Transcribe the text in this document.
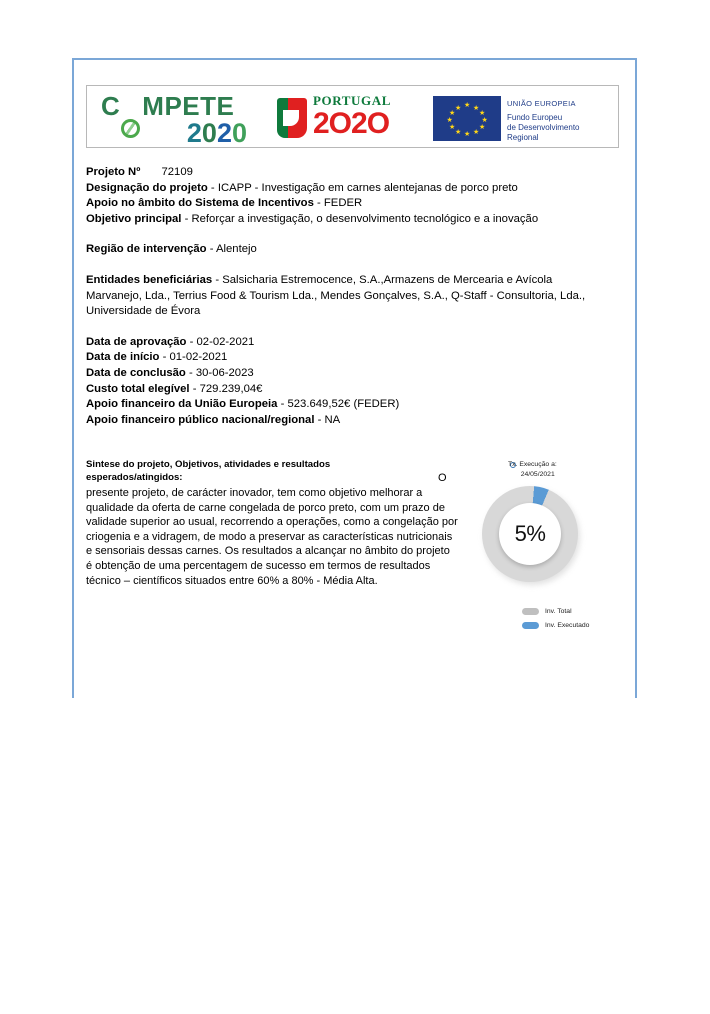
C MPETE
2020
PORTUGAL
2O2O
★ ★
★
★
★
★
★
★
★
★
★
★	UNIÃO EUROPEIA
Fundo Europeu
de Desenvolvimento Regional
Projeto Nº 72109
Designação do projeto - ICAPP - Investigação em carnes alentejanas de porco preto
Apoio no âmbito do Sistema de Incentivos - FEDER
Objetivo principal - Reforçar a investigação, o desenvolvimento tecnológico e a inovação
Região de intervenção - Alentejo
Entidades beneficiárias - Salsicharia Estremocence, S.A.,Armazens de Mercearia e Avícola Marvanejo, Lda., Terrius Food & Tourism Lda., Mendes Gonçalves, S.A., Q-Staff - Consultoria, Lda., Universidade de Évora
Data de aprovação - 02-02-2021
Data de início - 01-02-2021
Data de conclusão - 30-06-2023
Custo total elegível - 729.239,04€
Apoio financeiro da União Europeia - 523.649,52€ (FEDER)
Apoio financeiro público nacional/regional - NA
Sintese do projeto, Objetivos, atividades e resultados esperados/atingidos:	O
presente projeto, de carácter inovador, tem como objetivo melhorar a qualidade da oferta de carne congelada de porco preto, com um prazo de validade superior ao usual, recorrendo a operações, como a congelação por criogenia e a vidragem, de modo a preservar as características nutricionais e sensoriais dessas carnes. Os resultados a alcançar no âmbito do projeto é obtenção de uma percentagem de sucesso em termos de resultados técnico – científicos situados entre 60% a 80% - Média Alta.
Tx. Execução a:
24/05/2021
5%
Inv. Total
Inv. Executado
